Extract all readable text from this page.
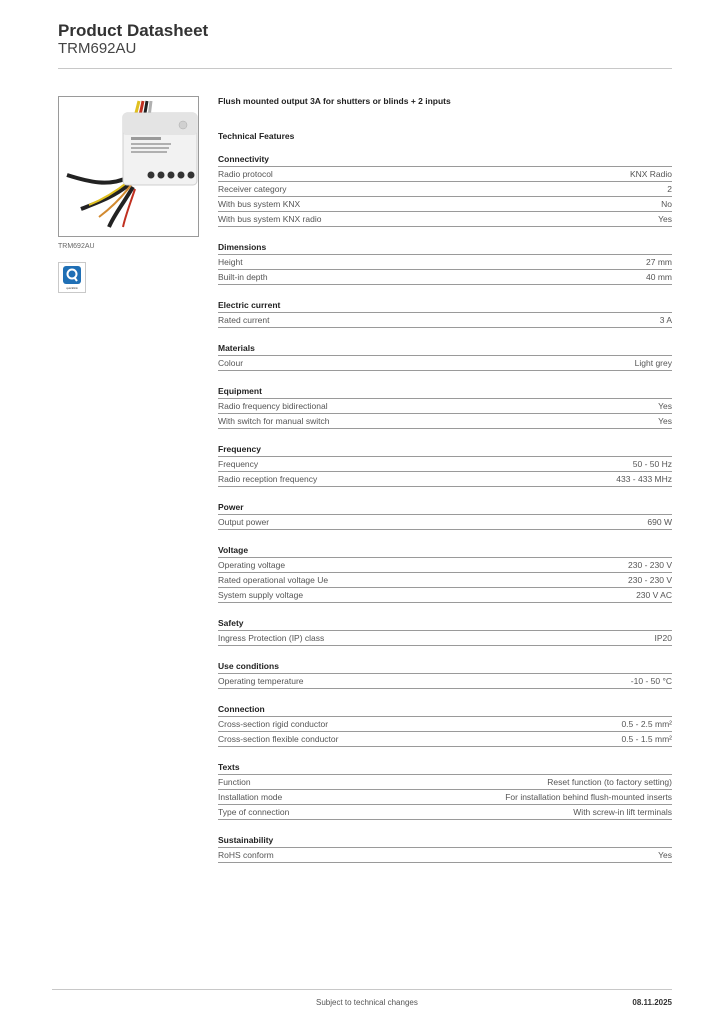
Product Datasheet
TRM692AU
TRM692AU
quicklink
Flush mounted output 3A for shutters or blinds + 2 inputs
Technical Features
Connectivity
Radio protocol	KNX Radio
Receiver category	2
With bus system KNX	No
With bus system KNX radio	Yes
Dimensions
Height	27 mm
Built-in depth	40 mm
Electric current
Rated current	3 A
Materials
Colour	Light grey
Equipment
Radio frequency bidirectional	Yes
With switch for manual switch	Yes
Frequency
Frequency	50 - 50 Hz
Radio reception frequency	433 - 433 MHz
Power
Output power	690 W
Voltage
Operating voltage	230 - 230 V
Rated operational voltage Ue	230 - 230 V
System supply voltage	230 V AC
Safety
Ingress Protection (IP) class	IP20
Use conditions
Operating temperature	-10 - 50 °C
Connection
Cross-section rigid conductor	0.5 - 2.5 mm²
Cross-section flexible conductor	0.5 - 1.5 mm²
Texts
Function	Reset function (to factory setting)
Installation mode	For installation behind flush-mounted inserts
Type of connection	With screw-in lift terminals
Sustainability
RoHS conform	Yes
Subject to technical changes	08.11.2025
